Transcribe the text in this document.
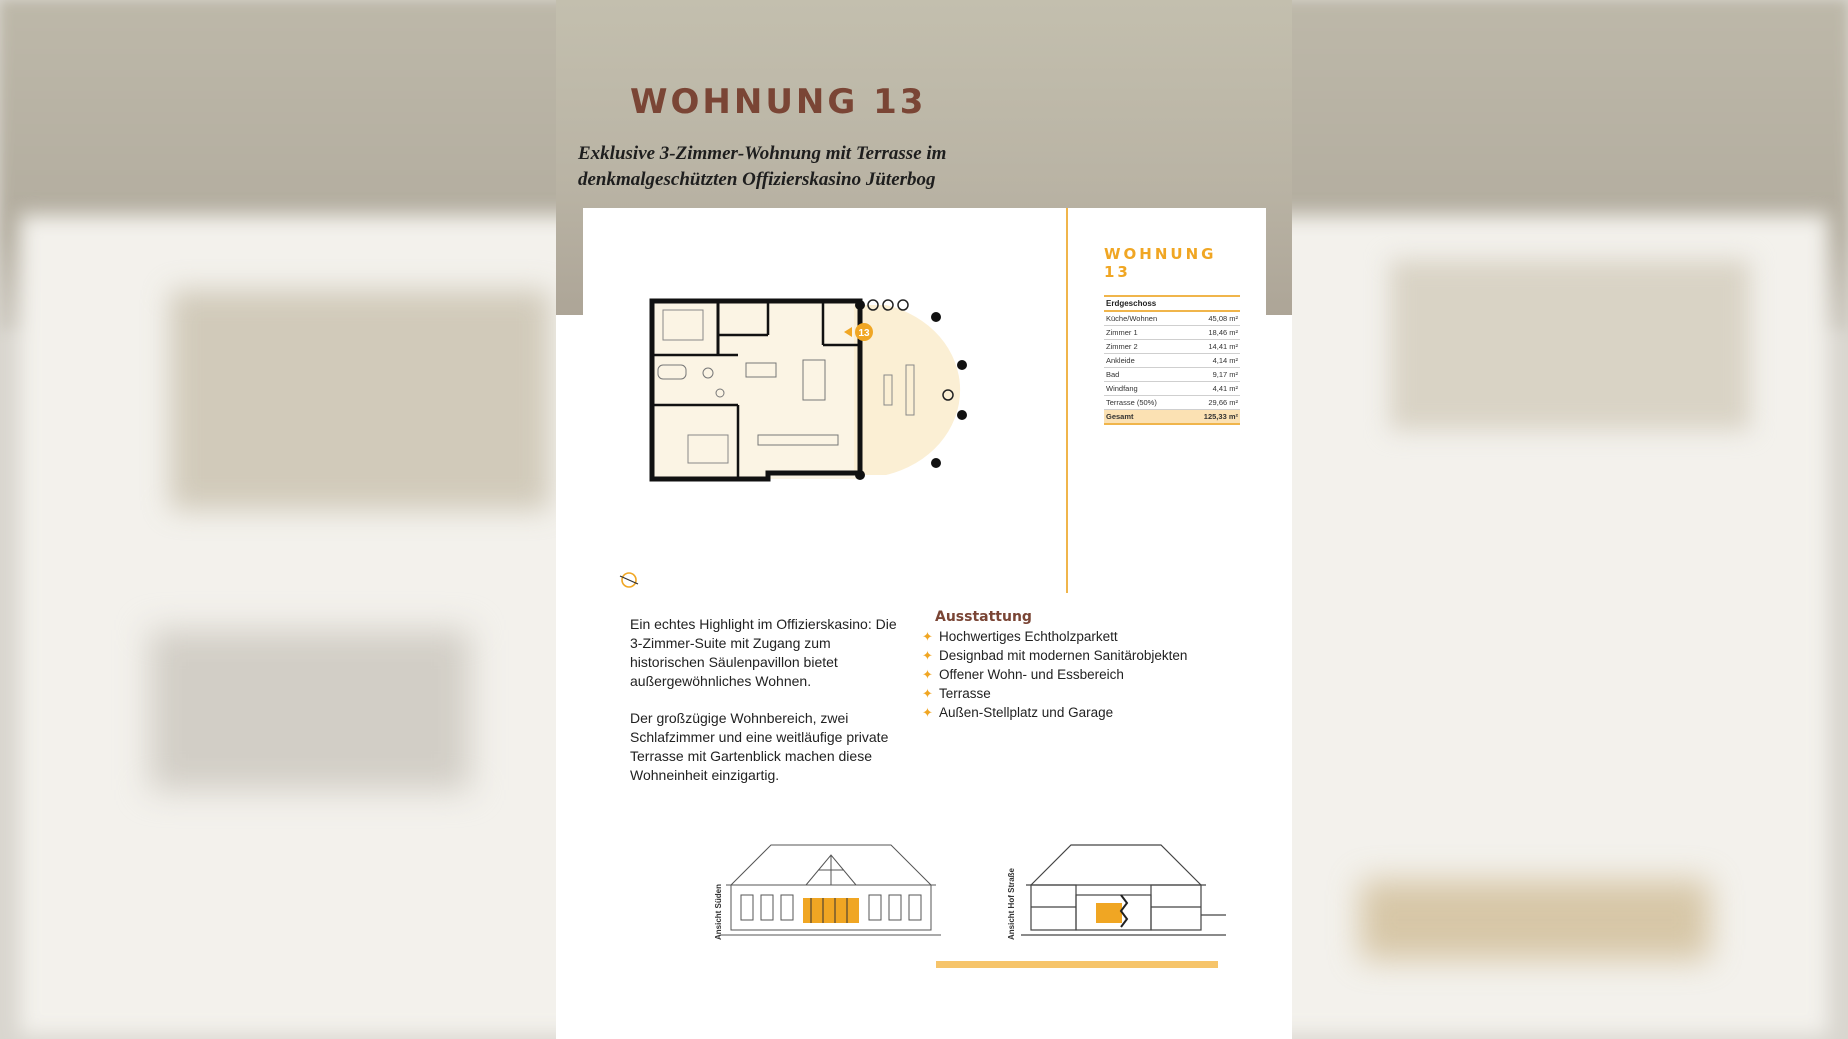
WOHNUNG 13

Exklusive 3-Zimmer-Wohnung mit Terrasse im
denkmalgeschützten Offizierskasino Jüterbog

13
WOHNUNG 13
Erdgeschoss
Küche/Wohnen	45,08 m²
Zimmer 1	18,46 m²
Zimmer 2	14,41 m²
Ankleide	4,14 m²
Bad	9,17 m²
Windfang	4,41 m²
Terrasse (50%)	29,66 m²
Gesamt	125,33 m²

Ein echtes Highlight im Offizierskasino: Die 3-Zimmer-Suite mit Zugang zum historischen Säulenpavillon bietet außergewöhnliches Wohnen.

Der großzügige Wohnbereich, zwei Schlafzimmer und eine weitläufige private Terrasse mit Gartenblick machen diese Wohneinheit einzigartig.

Ausstattung
✦ Hochwertiges Echtholzparkett
✦ Designbad mit modernen Sanitärobjekten
✦ Offener Wohn- und Essbereich
✦ Terrasse
✦ Außen-Stellplatz und Garage
Ansicht Süden	Ansicht Hof Straße
